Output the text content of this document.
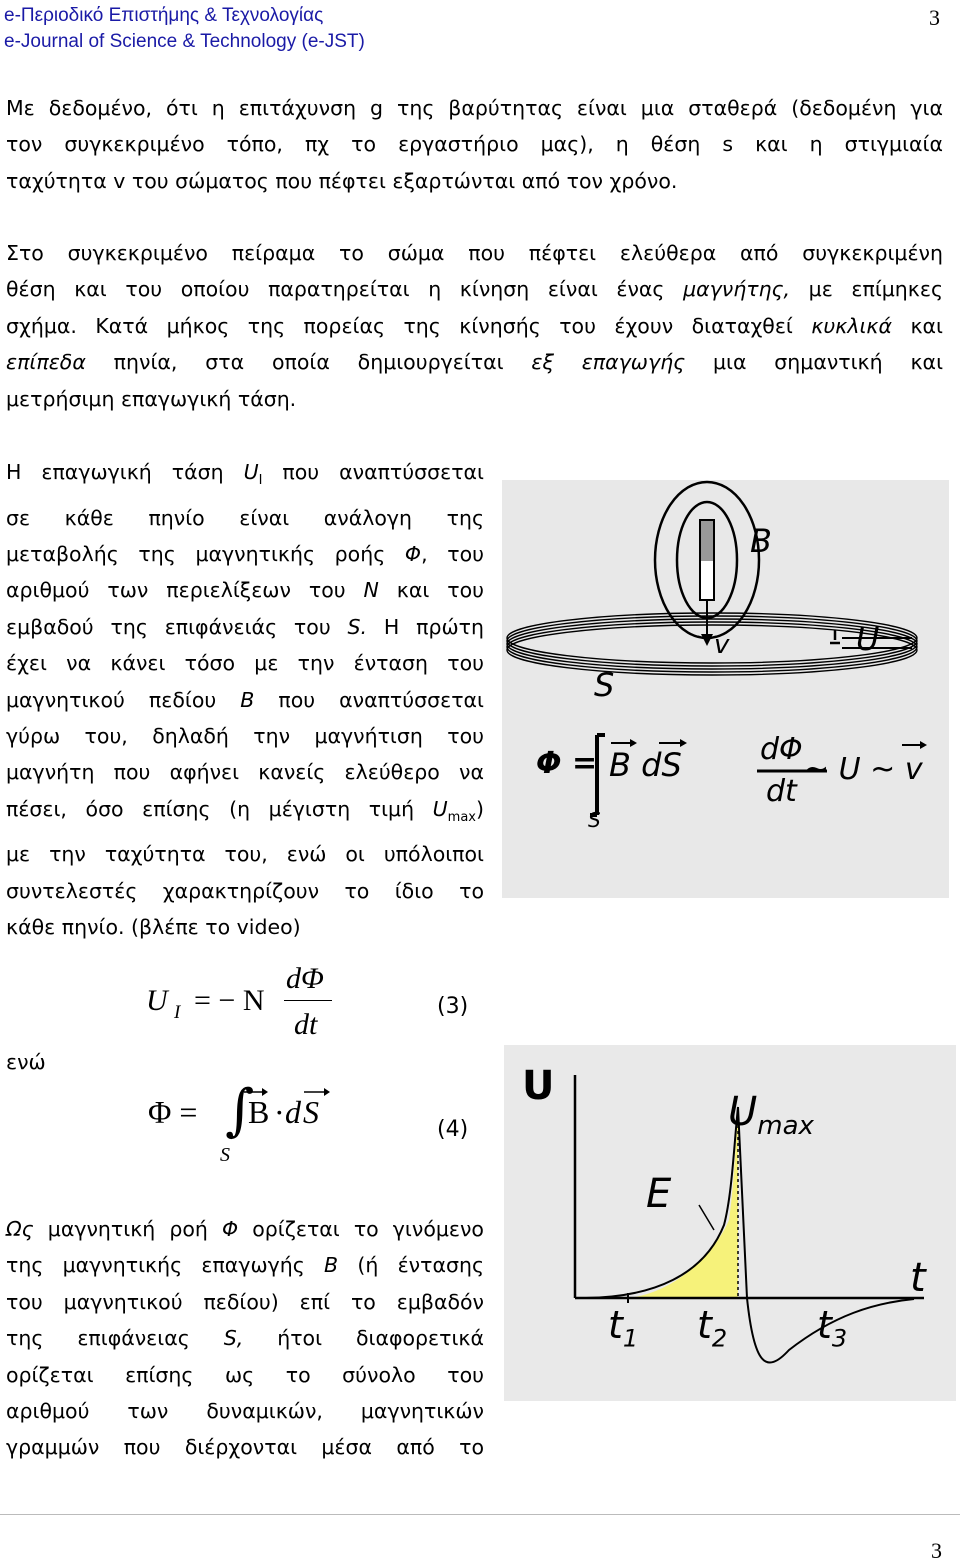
e-Περιοδικό Επιστήμης & Τεχνολογίας
e-Journal of Science & Technology (e-JST)
3
Με δεδομένο, ότι η επιτάχυνση g της βαρύτητας είναι μια σταθερά (δεδομένη για
τον συγκεκριμένο τόπο, πχ το εργαστήριο μας), η θέση s και η στιγμιαία
ταχύτητα v του σώματος που πέφτει εξαρτώνται από τον χρόνο.
Στο συγκεκριμένο πείραμα το σώμα που πέφτει ελεύθερα από συγκεκριμένη
θέση και του οποίου παρατηρείται η κίνηση είναι ένας μαγνήτης, με επίμηκες
σχήμα. Κατά μήκος της πορείας της κίνησής του έχουν διαταχθεί κυκλικά και
επίπεδα πηνία, στα οποία δημιουργείται εξ επαγωγής μια σημαντική και
μετρήσιμη επαγωγική τάση.
Η επαγωγική τάση $U_I$ που αναπτύσσεται
σε κάθε πηνίο είναι ανάλογη της
μεταβολής της μαγνητικής ροής Φ, του
αριθμού των περιελίξεων του N και του
εμβαδού της επιφάνειάς του S. Η πρώτη
έχει να κάνει τόσο με την ένταση του
μαγνητικού πεδίου B που αναπτύσσεται
γύρω του, δηλαδή την μαγνήτιση του
μαγνήτη που αφήνει κανείς ελεύθερο να
πέσει, όσο επίσης (η μέγιστη τιμή $U_{max}$)
με την ταχύτητα του, ενώ οι υπόλοιποι
συντελεστές χαρακτηρίζουν το ίδιο το
κάθε πηνίο. (βλέπε το video)
B
v	U
S
Φ = B dS
S
dΦ
dt
~ U ~ v
ενώ
U I = − N
dΦ
dt
(3)
Φ = ∫
B · d S
S
(4)
U
$U_{max}$
E
t
$t_1$ $t_2$ $t_3$
Ως μαγνητική ροή Φ ορίζεται το γινόμενο
της μαγνητικής επαγωγής B (ή έντασης
του μαγνητικού πεδίου) επί το εμβαδόν
της επιφάνειας S, ήτοι διαφορετικά
ορίζεται επίσης ως το σύνολο του
αριθμού των δυναμικών, μαγνητικών
γραμμών που διέρχονται μέσα από το
3
